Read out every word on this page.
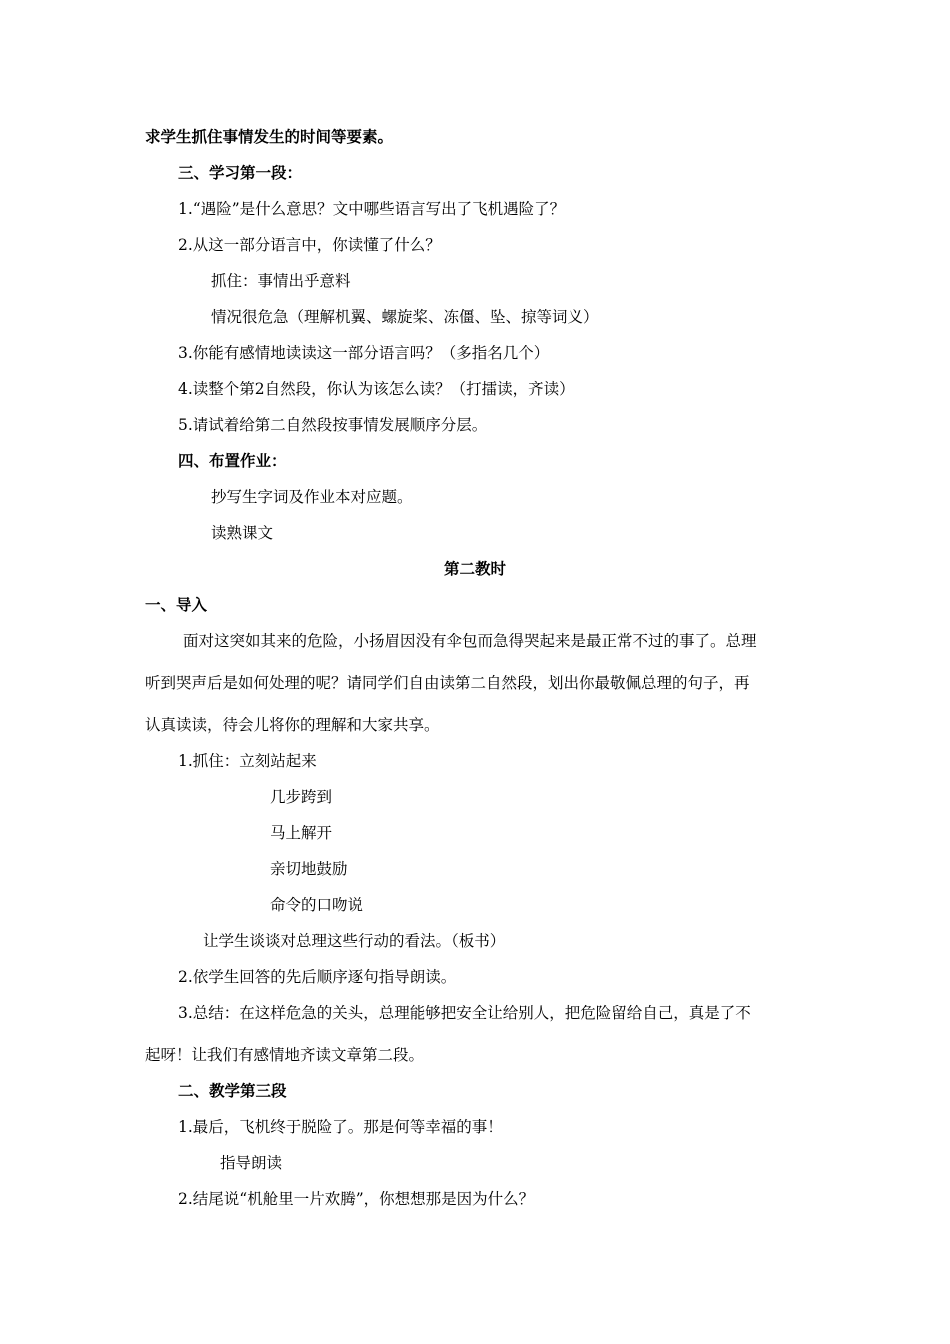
求学生抓住事情发生的时间等要素。
三、学习第一段：
1.“遇险”是什么意思？文中哪些语言写出了飞机遇险了？
2.从这一部分语言中，你读懂了什么？
抓住：事情出乎意料
情况很危急（理解机翼、螺旋桨、冻僵、坠、掠等词义）
3.你能有感情地读读这一部分语言吗？（多指名几个）
4.读整个第2自然段，你认为该怎么读？（打擂读，齐读）
5.请试着给第二自然段按事情发展顺序分层。
四、布置作业：
抄写生字词及作业本对应题。
读熟课文
第二教时
一、导入
面对这突如其来的危险，小扬眉因没有伞包而急得哭起来是最正常不过的事了。总理
听到哭声后是如何处理的呢？请同学们自由读第二自然段，划出你最敬佩总理的句子，再
认真读读，待会儿将你的理解和大家共享。
1.抓住：立刻站起来
几步跨到
马上解开
亲切地鼓励
命令的口吻说
让学生谈谈对总理这些行动的看法。（板书）
2.依学生回答的先后顺序逐句指导朗读。
3.总结：在这样危急的关头，总理能够把安全让给别人，把危险留给自己，真是了不
起呀！让我们有感情地齐读文章第二段。
二、教学第三段
1.最后，飞机终于脱险了。那是何等幸福的事！
指导朗读
2.结尾说“机舱里一片欢腾”，你想想那是因为什么？
